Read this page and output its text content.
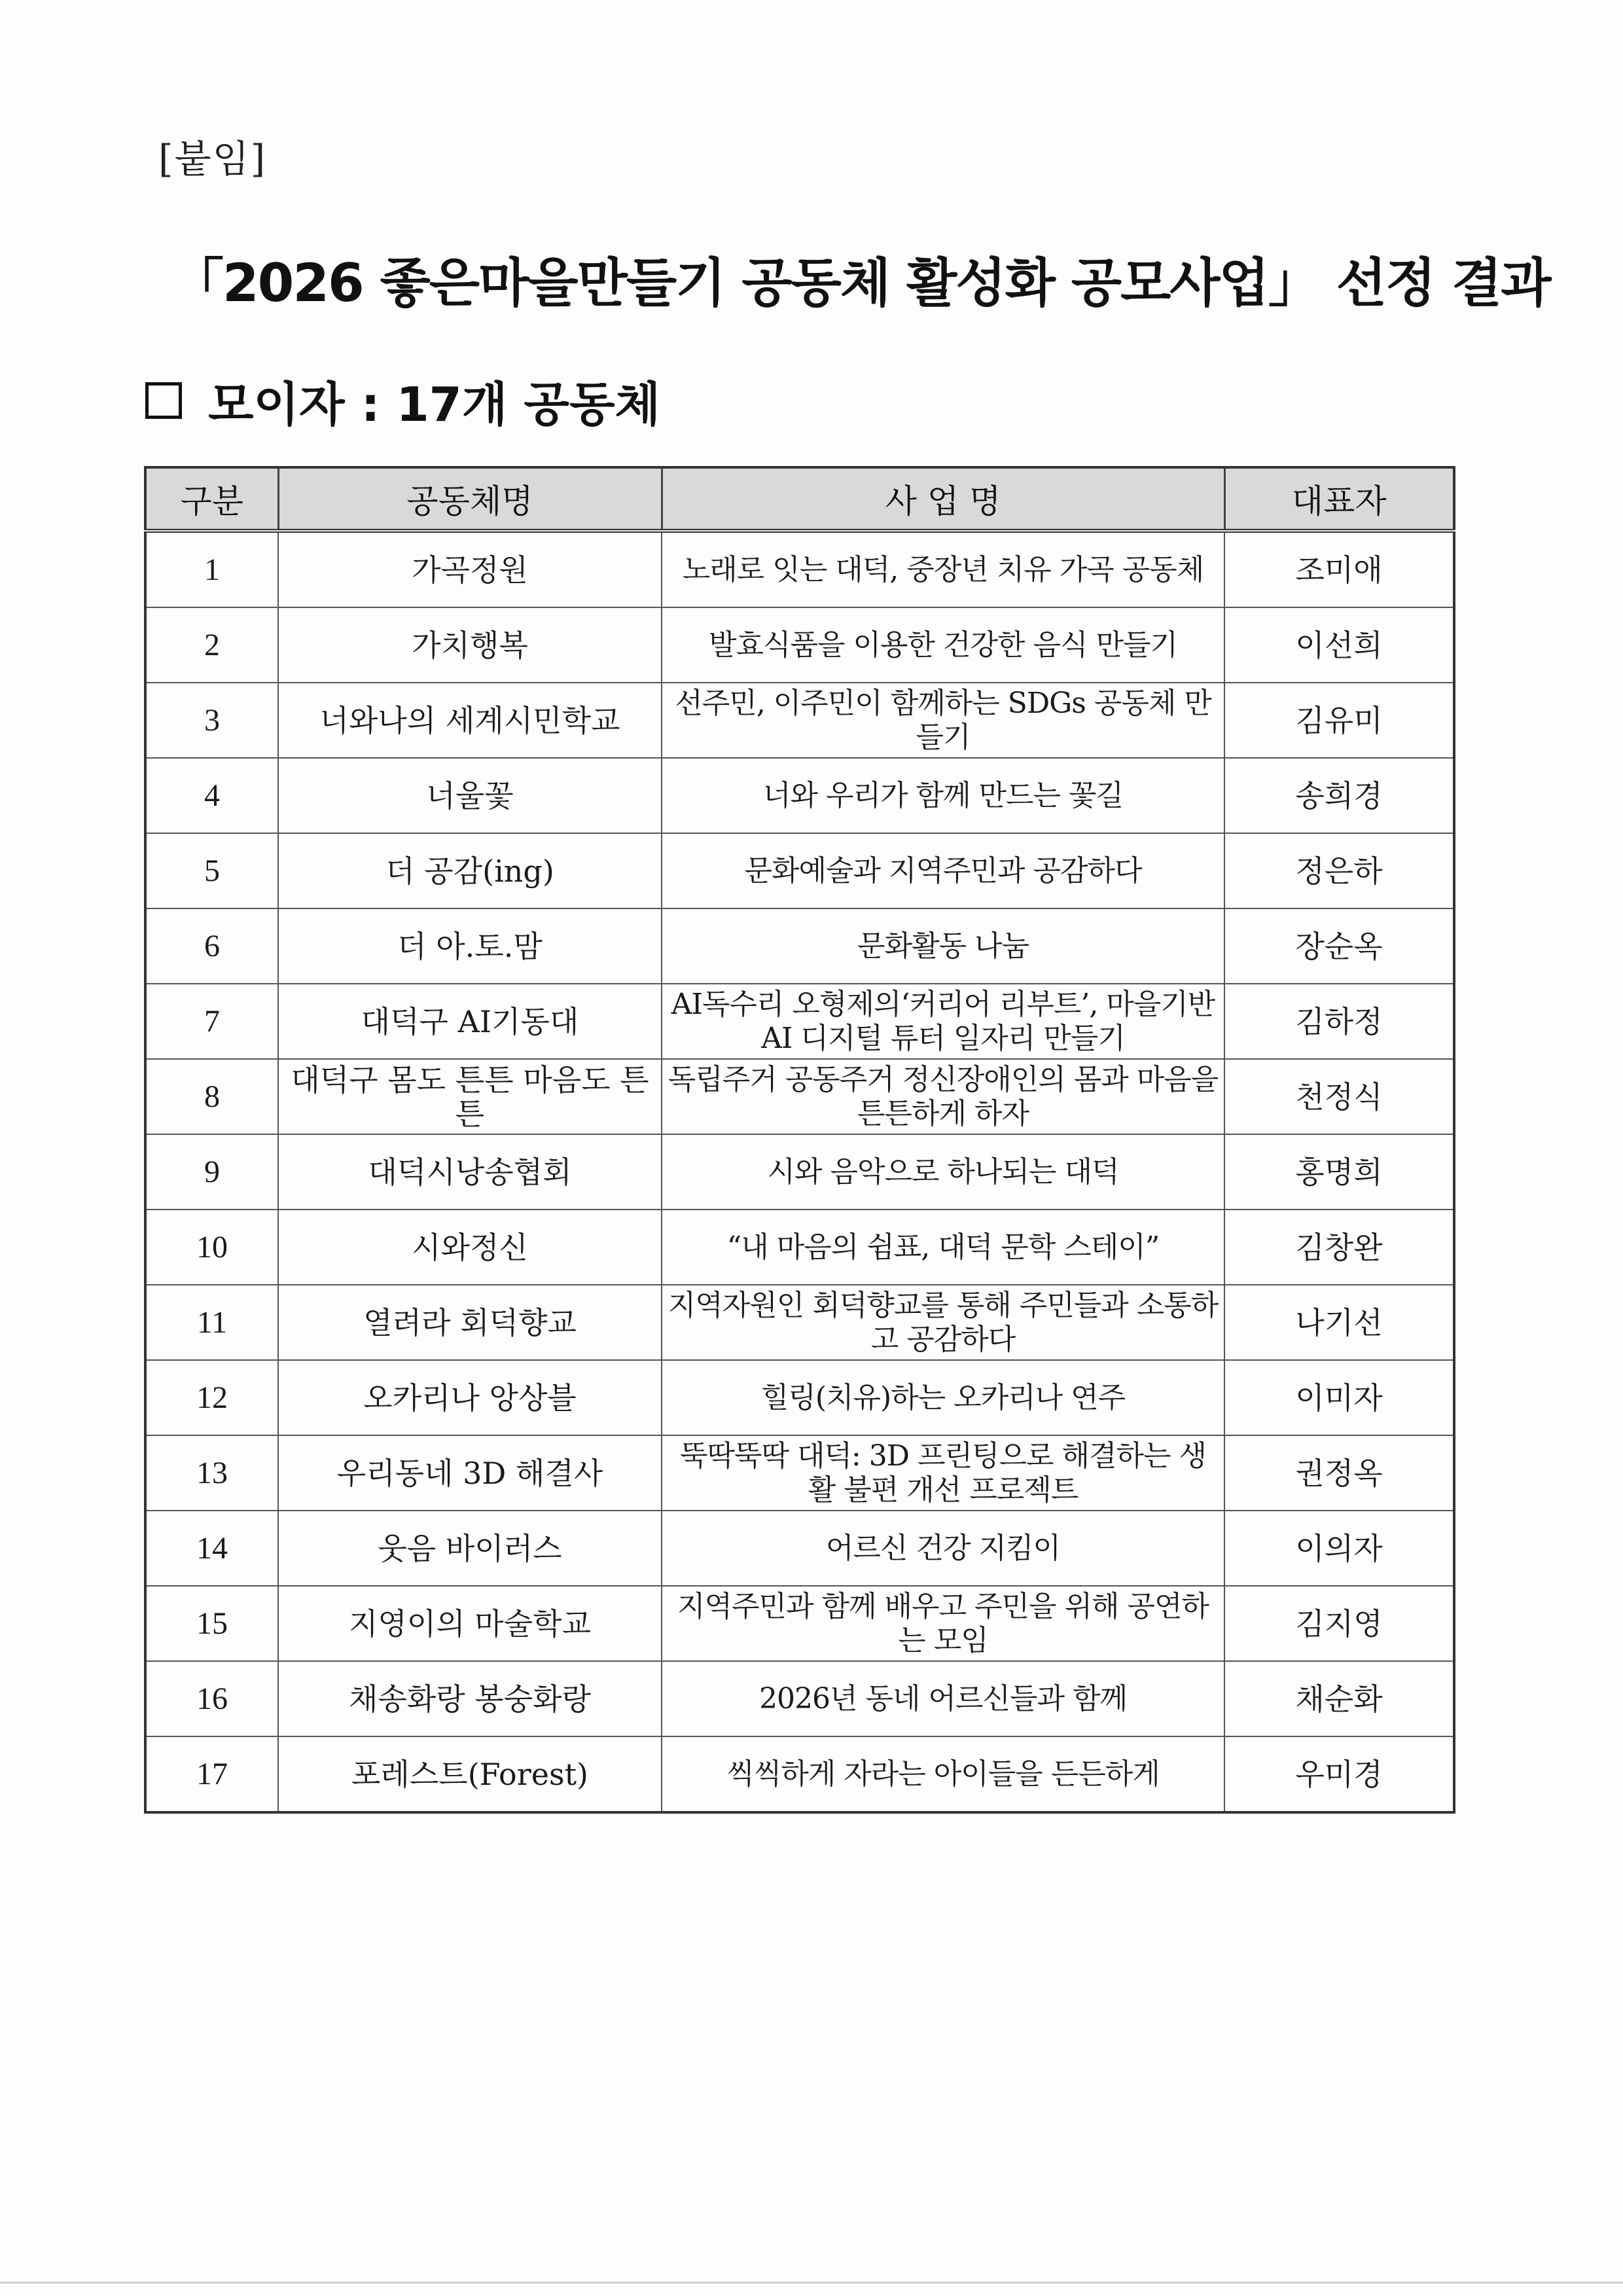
[붙임]
「2026 좋은마을만들기 공동체 활성화 공모사업」 선정 결과
모이자 : 17개 공동체
구분	공동체명	사 업 명	대표자
1	가곡정원	노래로 잇는 대덕, 중장년 치유 가곡 공동체	조미애
2	가치행복	발효식품을 이용한 건강한 음식 만들기	이선희
3	너와나의 세계시민학교	선주민, 이주민이 함께하는 SDGs 공동체 만들기	김유미
4	너울꽃	너와 우리가 함께 만드는 꽃길	송희경
5	더 공감(ing)	문화예술과 지역주민과 공감하다	정은하
6	더 아.토.맘	문화활동 나눔	장순옥
7	대덕구 AI기동대	AI독수리 오형제의‘커리어 리부트’, 마을기반 AI 디지털 튜터 일자리 만들기	김하정
8	대덕구 몸도 튼튼 마음도 튼튼	독립주거 공동주거 정신장애인의 몸과 마음을 튼튼하게 하자	천정식
9	대덕시낭송협회	시와 음악으로 하나되는 대덕	홍명희
10	시와정신	“내 마음의 쉼표, 대덕 문학 스테이”	김창완
11	열려라 회덕향교	지역자원인 회덕향교를 통해 주민들과 소통하고 공감하다	나기선
12	오카리나 앙상블	힐링(치유)하는 오카리나 연주	이미자
13	우리동네 3D 해결사	뚝딱뚝딱 대덕: 3D 프린팅으로 해결하는 생활 불편 개선 프로젝트	권정옥
14	웃음 바이러스	어르신 건강 지킴이	이의자
15	지영이의 마술학교	지역주민과 함께 배우고 주민을 위해 공연하는 모임	김지영
16	채송화랑 봉숭화랑	2026년 동네 어르신들과 함께	채순화
17	포레스트(Forest)	씩씩하게 자라는 아이들을 든든하게	우미경
